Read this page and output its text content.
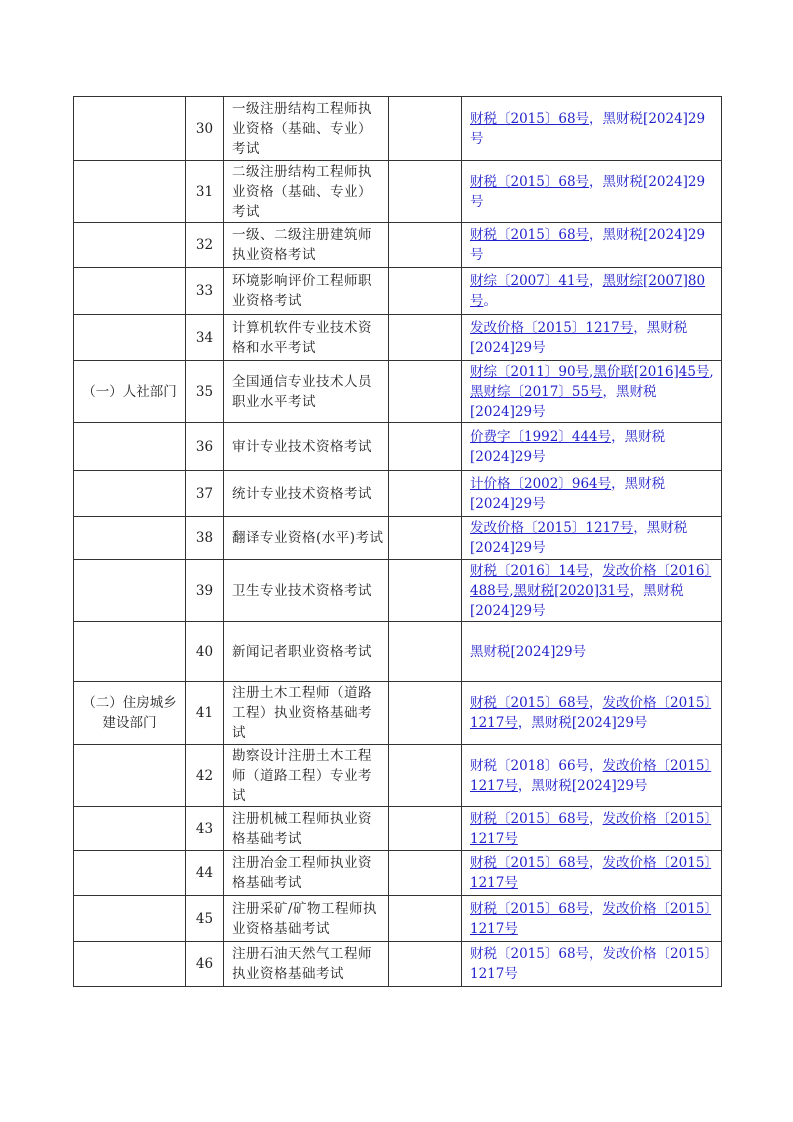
	30	一级注册结构工程师执业资格（基础、专业）考试		财税〔2015〕68号，黑财税[2024]29号
	31	二级注册结构工程师执业资格（基础、专业）考试		财税〔2015〕68号，黑财税[2024]29号
	32	一级、二级注册建筑师执业资格考试		财税〔2015〕68号，黑财税[2024]29号
	33	环境影响评价工程师职业资格考试		财综〔2007〕41号，黑财综[2007]80号。
	34	计算机软件专业技术资格和水平考试		发改价格〔2015〕1217号，黑财税[2024]29号
（一）人社部门	35	全国通信专业技术人员职业水平考试		财综〔2011〕90号,黑价联[2016]45号,黑财综〔2017〕55号，黑财税[2024]29号
	36	审计专业技术资格考试		价费字〔1992〕444号，黑财税[2024]29号
	37	统计专业技术资格考试		计价格〔2002〕964号，黑财税[2024]29号
	38	翻译专业资格(水平)考试		发改价格〔2015〕1217号，黑财税[2024]29号
	39	卫生专业技术资格考试		财税〔2016〕14号，发改价格〔2016〕488号,黑财税[2020]31号，黑财税[2024]29号
	40	新闻记者职业资格考试		黑财税[2024]29号
（二）住房城乡建设部门	41	注册土木工程师（道路工程）执业资格基础考试		财税〔2015〕68号，发改价格〔2015〕1217号，黑财税[2024]29号
	42	勘察设计注册土木工程师（道路工程）专业考试		财税〔2018〕66号，发改价格〔2015〕1217号，黑财税[2024]29号
	43	注册机械工程师执业资格基础考试		财税〔2015〕68号，发改价格〔2015〕1217号
	44	注册冶金工程师执业资格基础考试		财税〔2015〕68号，发改价格〔2015〕1217号
	45	注册采矿/矿物工程师执业资格基础考试		财税〔2015〕68号，发改价格〔2015〕1217号
	46	注册石油天然气工程师执业资格基础考试		财税〔2015〕68号，发改价格〔2015〕1217号
